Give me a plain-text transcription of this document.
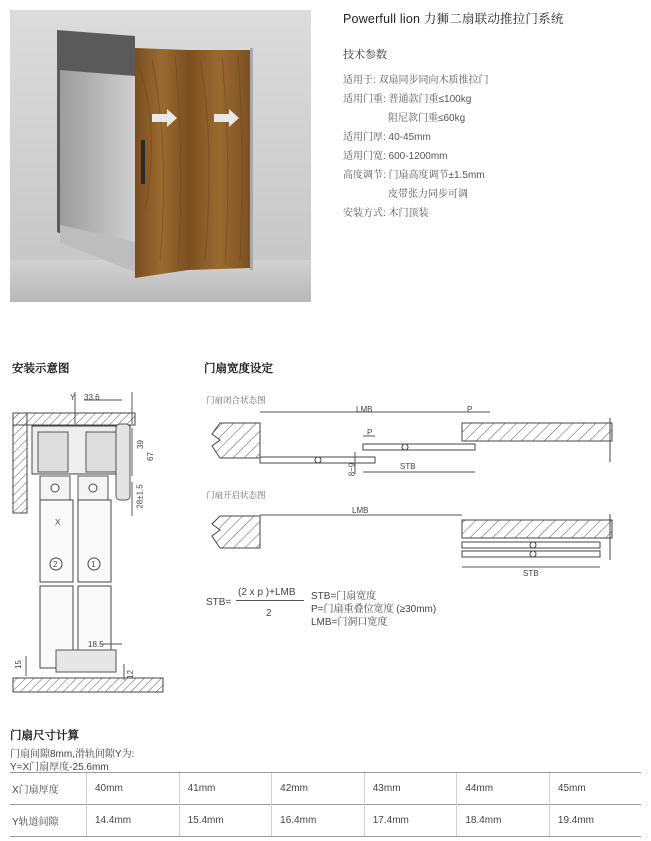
Powerfull lion 力狮二扇联动推拉门系统
技术参数
适用于: 双扇同步同向木质推拉门
适用门重: 普通款门重≤100kg
阻尼款门重≤60kg
适用门厚: 40-45mm
适用门宽: 600-1200mm
高度调节: 门扇高度调节±1.5mm
皮带张力同步可调
安装方式: 木门顶装
安装示意图	门扇宽度设定
Y 33.6
39
67
28±1.5
X
2	1
18.5
15
12
门扇闭合状态图
门扇开启状态图
LMB	P
P
STB
8~9
LMB
STB
STB=
(2 x p )+LMB
2
STB=门扇宽度
P=门扇重叠位宽度 (≥30mm)
LMB=门洞口宽度
门扇尺寸计算
门扇间隙8mm,滑轨间隙Y为:
Y=X门扇厚度-25.6mm
X门扇厚度	40mm	41mm	42mm	43mm	44mm	45mm
Y轨道间隙	14.4mm	15.4mm	16.4mm	17.4mm	18.4mm	19.4mm
